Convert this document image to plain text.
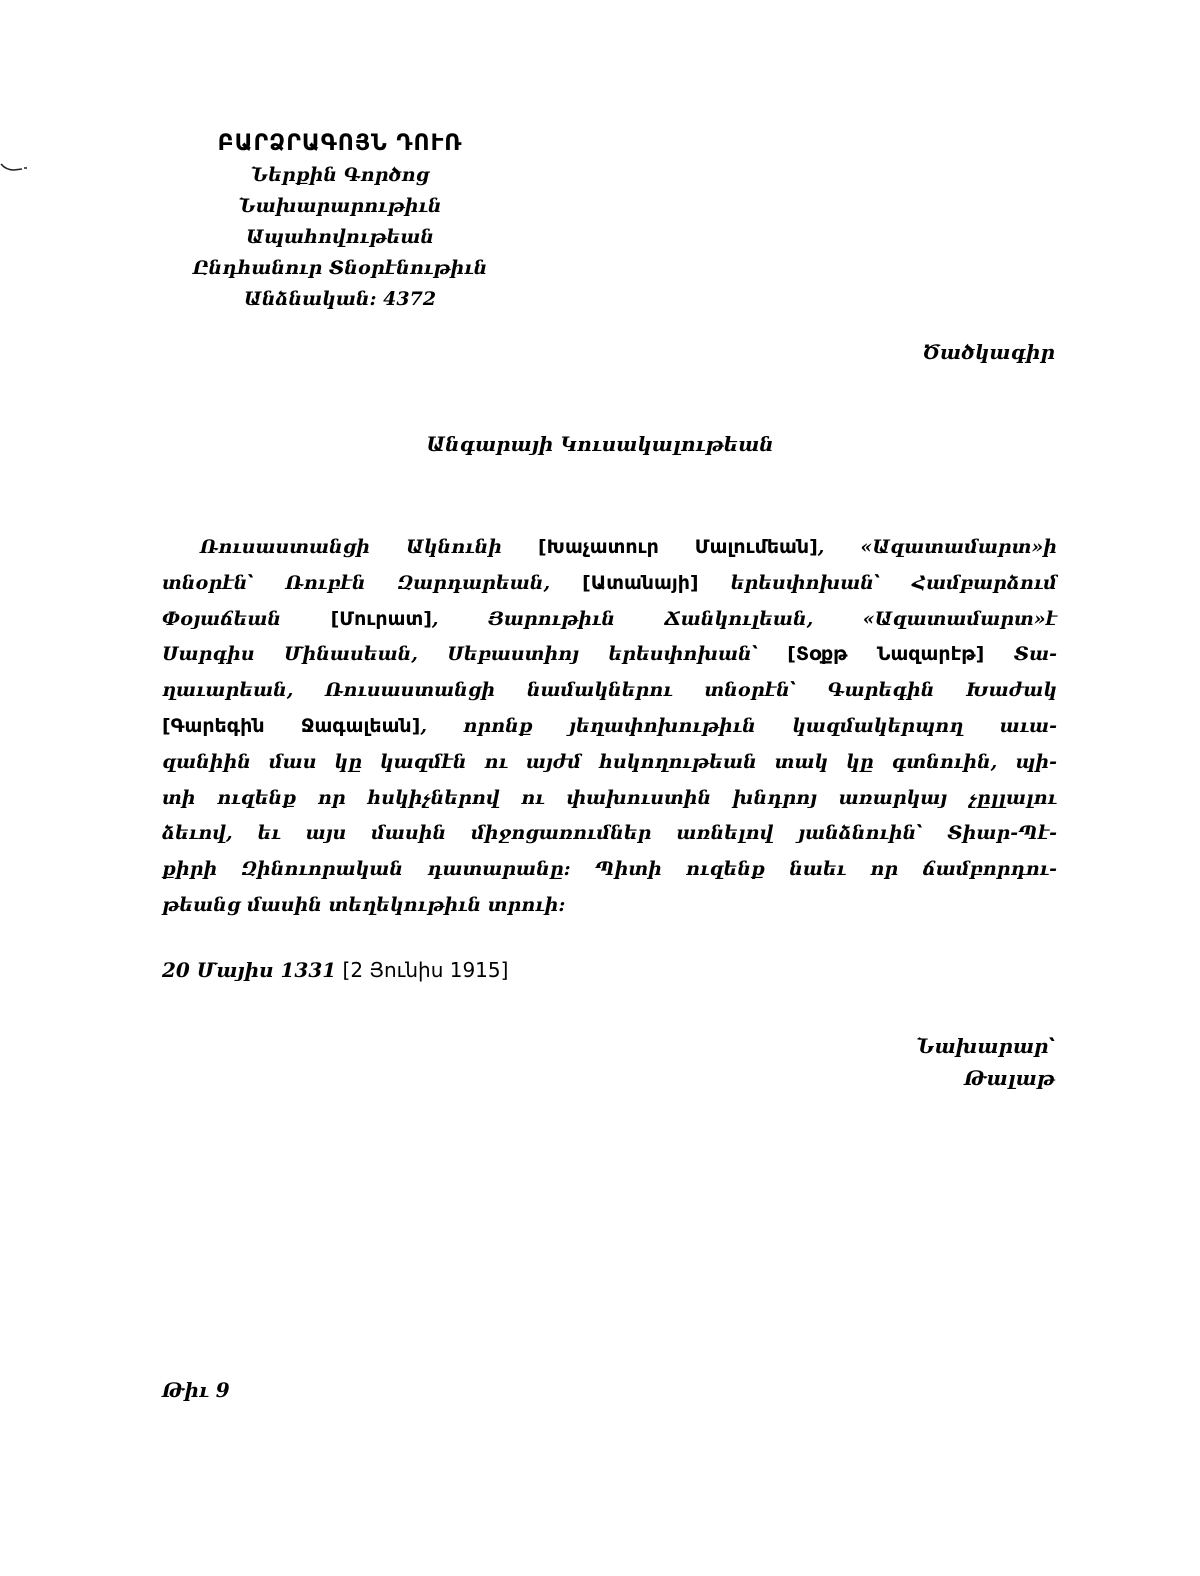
ԲԱՐՁՐԱԳՈՅՆ ԴՈՒՌ
Ներքին Գործոց
Նախարարութիւն
Ապահովութեան
Ընդհանուր Տնօրէնութիւն
Անձնական: 4372
Ծածկագիր
Անգարայի Կուսակալութեան
Ռուսաստանցի Ակնունի [Խաչատուր Մալումեան], «Ազատամարտ»ի
տնօրէն՝ Ռուբէն Զարդարեան, [Ատանայի] երեսփոխան՝ Համբարձում
Փօյաճեան [Մուրատ], Յարութիւն Ճանկուլեան, «Ազատամարտ»է
Սարգիս Մինասեան, Սեբաստիոյ երեսփոխան՝ [Տօքթ Նազարէթ] Տա-
ղաւարեան, Ռուսաստանցի նամակներու տնօրէն՝ Գարեգին Խաժակ
[Գարեգին Ջագալեան], որոնք յեղափոխութիւն կազմակերպող աւա-
զանիին մաս կը կազմէն ու այժմ հսկողութեան տակ կը գտնուին, պի-
տի ուզենք որ հսկիչներով ու փախուստին խնդրոյ առարկայ չըլլալու
ձեւով, եւ այս մասին միջոցառումներ առնելով յանձնուին՝ Տիար-Պէ-
քիրի Զինուորական դատարանը: Պիտի ուզենք նաեւ որ ճամբորդու-
թեանց մասին տեղեկութիւն տրուի:
20 Մայիս 1331 [2 Յունիս 1915]
Նախարար՝
Թալաթ
Թիւ 9
